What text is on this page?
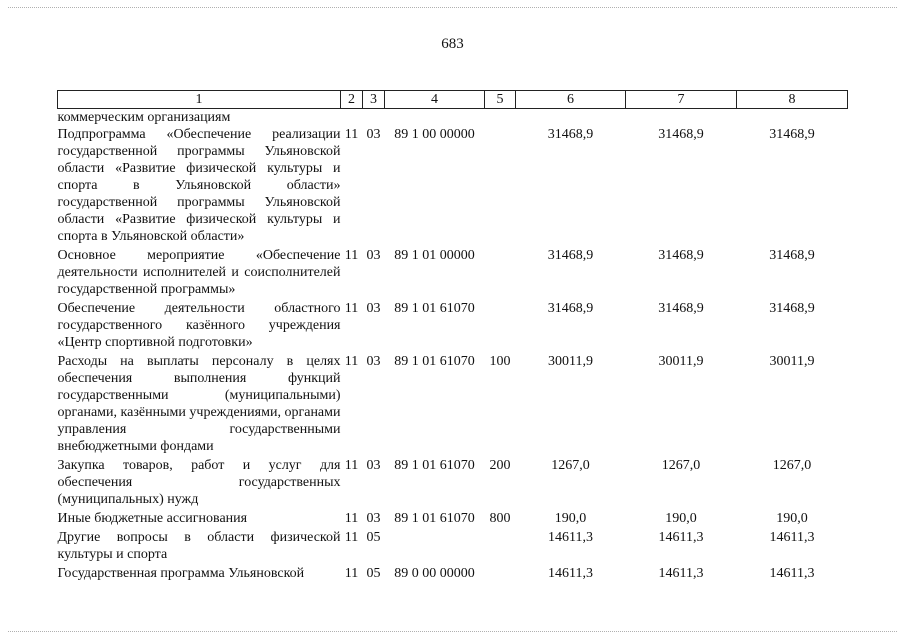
683
1	2	3	4	5	6	7	8
коммерческим организациям							
Подпрограмма «Обеспечение реализации государственной программы Ульяновской области «Развитие физической культуры и спорта в Ульяновской области» государственной программы Ульяновской области «Развитие физической культуры и спорта в Ульяновской области»	11	03	89 1 00 00000		31468,9	31468,9	31468,9

Основное мероприятие «Обеспечение деятельности исполнителей и соисполнителей государственной программы»	11	03	89 1 01 00000		31468,9	31468,9	31468,9

Обеспечение деятельности областного государственного казённого учреждения «Центр спортивной подготовки»	11	03	89 1 01 61070		31468,9	31468,9	31468,9

Расходы на выплаты персоналу в целях обеспечения выполнения функций государственными (муниципальными) органами, казёнными учреждениями, органами управления государственными внебюджетными фондами	11	03	89 1 01 61070	100	30011,9	30011,9	30011,9

Закупка товаров, работ и услуг для обеспечения государственных (муниципальных) нужд	11	03	89 1 01 61070	200	1267,0	1267,0	1267,0

Иные бюджетные ассигнования	11	03	89 1 01 61070	800	190,0	190,0	190,0

Другие вопросы в области физической культуры и спорта	11	05			14611,3	14611,3	14611,3

Государственная программа Ульяновской	11	05	89 0 00 00000		14611,3	14611,3	14611,3
